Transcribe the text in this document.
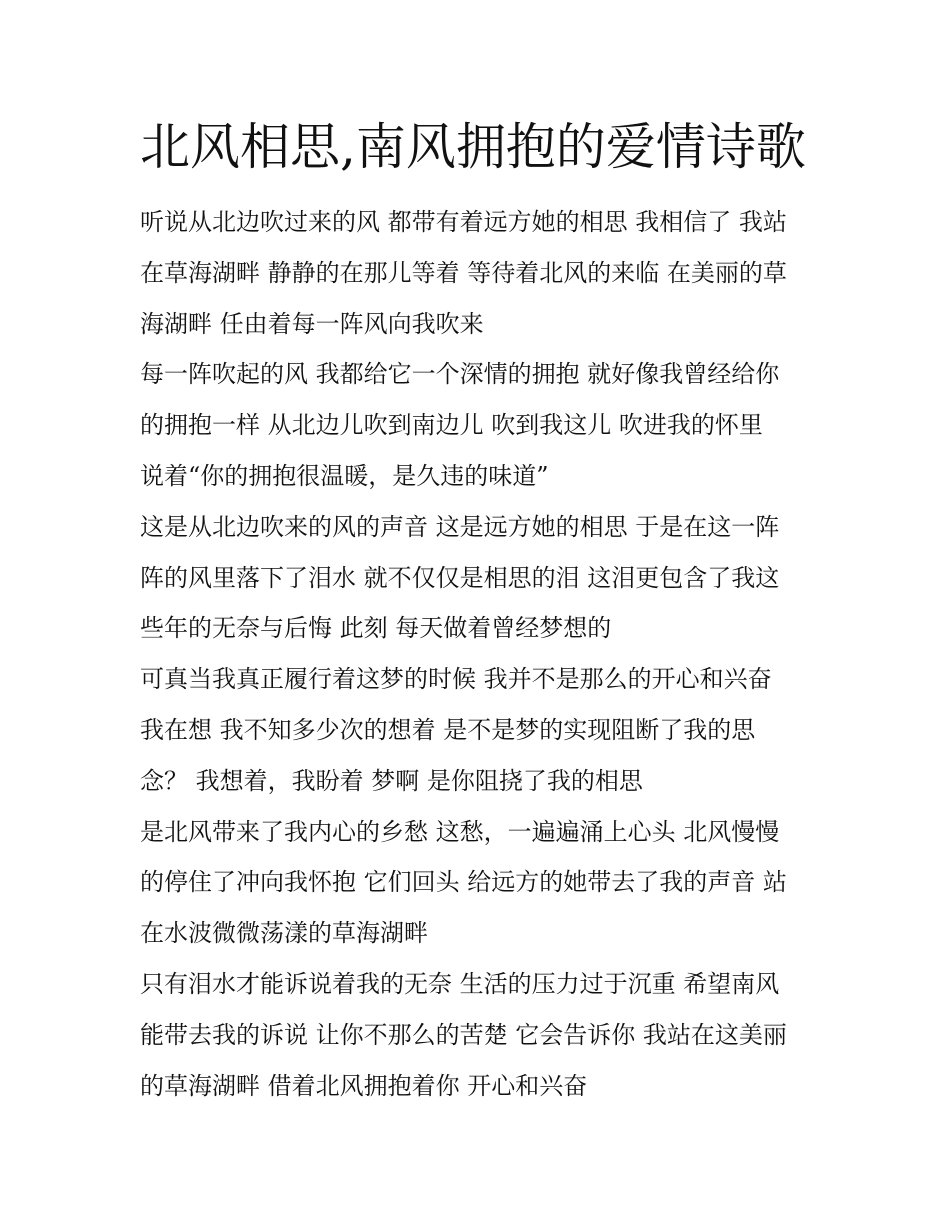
北风相思,南风拥抱的爱情诗歌
听说从北边吹过来的风 都带有着远方她的相思 我相信了 我站
在草海湖畔 静静的在那儿等着 等待着北风的来临 在美丽的草
海湖畔 任由着每一阵风向我吹来
每一阵吹起的风 我都给它一个深情的拥抱 就好像我曾经给你
的拥抱一样 从北边儿吹到南边儿 吹到我这儿 吹进我的怀里
说着“你的拥抱很温暖，是久违的味道”
这是从北边吹来的风的声音 这是远方她的相思 于是在这一阵
阵的风里落下了泪水 就不仅仅是相思的泪 这泪更包含了我这
些年的无奈与后悔 此刻 每天做着曾经梦想的
可真当我真正履行着这梦的时候 我并不是那么的开心和兴奋
我在想 我不知多少次的想着 是不是梦的实现阻断了我的思
念？ 我想着，我盼着 梦啊 是你阻挠了我的相思
是北风带来了我内心的乡愁 这愁，一遍遍涌上心头 北风慢慢
的停住了冲向我怀抱 它们回头 给远方的她带去了我的声音 站
在水波微微荡漾的草海湖畔
只有泪水才能诉说着我的无奈 生活的压力过于沉重 希望南风
能带去我的诉说 让你不那么的苦楚 它会告诉你 我站在这美丽
的草海湖畔 借着北风拥抱着你 开心和兴奋
